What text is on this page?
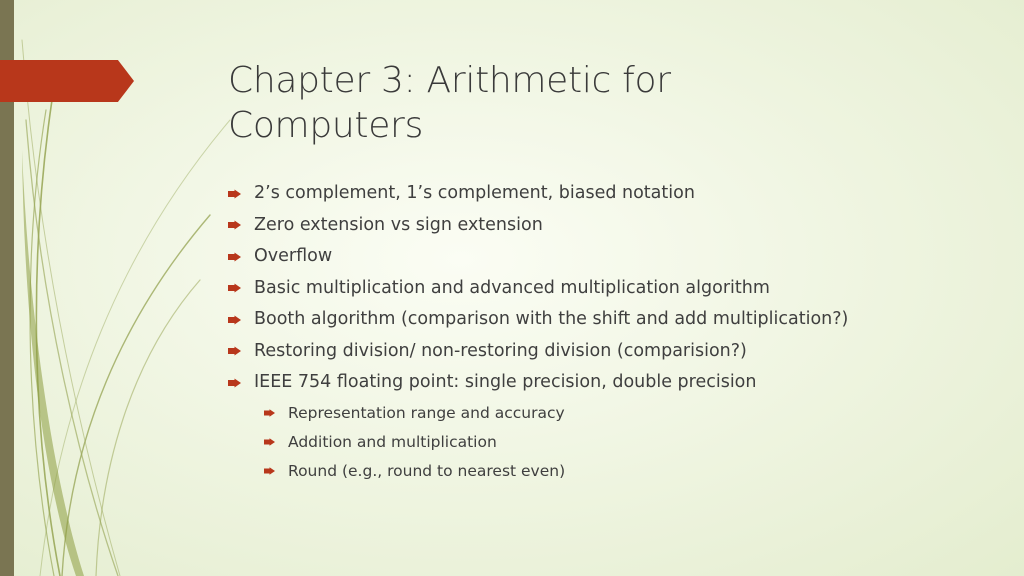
Chapter 3: Arithmetic for
Computers
2’s complement, 1’s complement, biased notation
Zero extension vs sign extension
Overflow
Basic multiplication and advanced multiplication algorithm
Booth algorithm (comparison with the shift and add multiplication?)
Restoring division/ non-restoring division (comparision?)
IEEE 754 floating point: single precision, double precision
Representation range and accuracy
Addition and multiplication
Round (e.g., round to nearest even)
